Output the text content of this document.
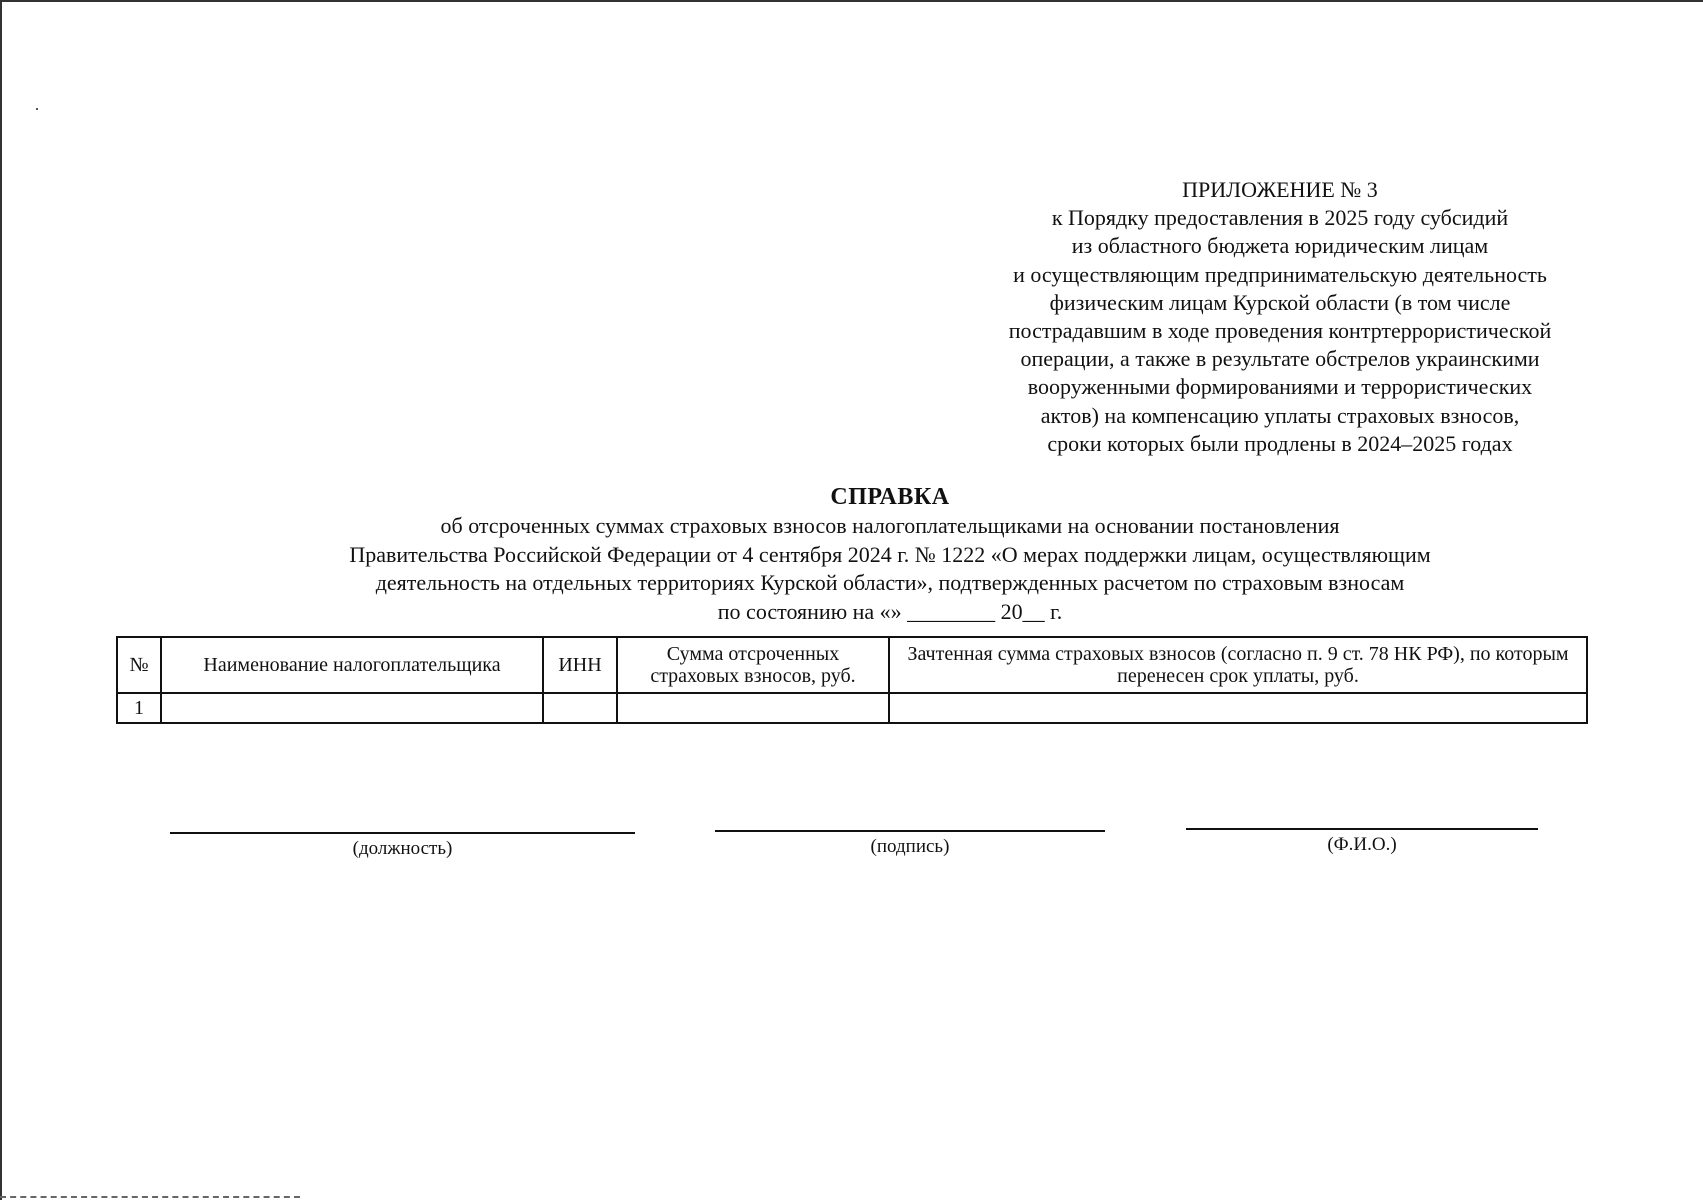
ПРИЛОЖЕНИЕ № 3
к Порядку предоставления в 2025 году субсидий
из областного бюджета юридическим лицам
и осуществляющим предпринимательскую деятельность
физическим лицам Курской области (в том числе
пострадавшим в ходе проведения контртеррористической
операции, а также в результате обстрелов украинскими
вооруженными формированиями и террористических
актов) на компенсацию уплаты страховых взносов,
сроки которых были продлены в 2024–2025 годах
СПРАВКА
об отсроченных суммах страховых взносов налогоплательщиками на основании постановления
Правительства Российской Федерации от 4 сентября 2024 г. № 1222 «О мерах поддержки лицам, осуществляющим
деятельность на отдельных территориях Курской области», подтвержденных расчетом по страховым взносам
по состоянию на «» ________ 20__ г.
№	Наименование налогоплательщика	ИНН	Сумма отсроченных страховых взносов, руб.	Зачтенная сумма страховых взносов (согласно п. 9 ст. 78 НК РФ), по которым перенесен срок уплаты, руб.
1				
(должность)	(подпись)	(Ф.И.О.)
